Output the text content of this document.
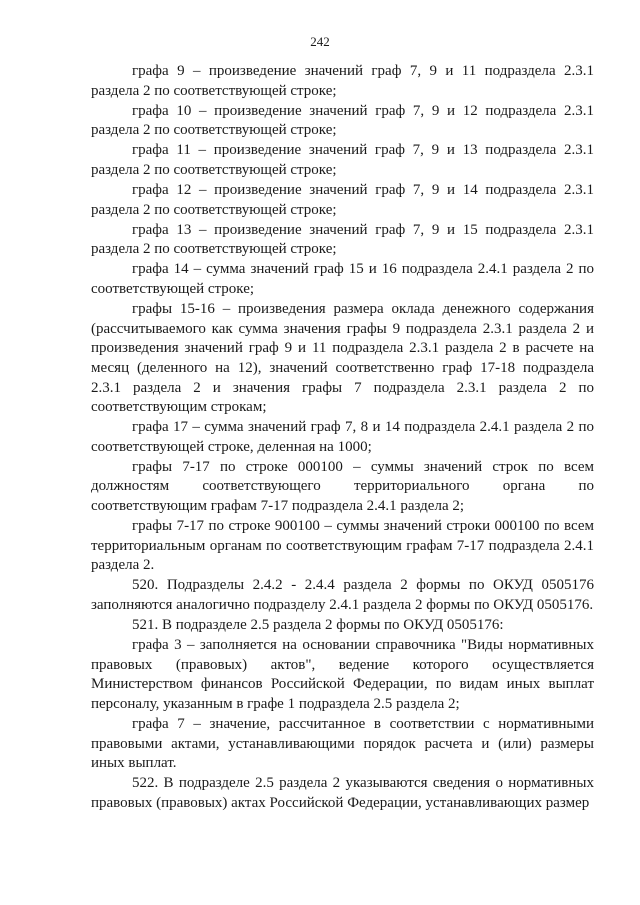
242

графа 9 – произведение значений граф 7, 9 и 11 подраздела 2.3.1 раздела 2 по соответствующей строке;

графа 10 – произведение значений граф 7, 9 и 12 подраздела 2.3.1 раздела 2 по соответствующей строке;

графа 11 – произведение значений граф 7, 9 и 13 подраздела 2.3.1 раздела 2 по соответствующей строке;

графа 12 – произведение значений граф 7, 9 и 14 подраздела 2.3.1 раздела 2 по соответствующей строке;

графа 13 – произведение значений граф 7, 9 и 15 подраздела 2.3.1 раздела 2 по соответствующей строке;

графа 14 – сумма значений граф 15 и 16 подраздела 2.4.1 раздела 2 по соответствующей строке;

графы 15-16 – произведения размера оклада денежного содержания (рассчитываемого как сумма значения графы 9 подраздела 2.3.1 раздела 2 и произведения значений граф 9 и 11 подраздела 2.3.1 раздела 2 в расчете на месяц (деленного на 12), значений соответственно граф 17-18 подраздела 2.3.1 раздела 2 и значения графы 7 подраздела 2.3.1 раздела 2 по соответствующим строкам;

графа 17 – сумма значений граф 7, 8 и 14 подраздела 2.4.1 раздела 2 по соответствующей строке, деленная на 1000;

графы 7-17 по строке 000100 – суммы значений строк по всем должностям соответствующего территориального органа по соответствующим графам 7-17 подраздела 2.4.1 раздела 2;

графы 7-17 по строке 900100 – суммы значений строки 000100 по всем территориальным органам по соответствующим графам 7-17 подраздела 2.4.1 раздела 2.

520. Подразделы 2.4.2 - 2.4.4 раздела 2 формы по ОКУД 0505176 заполняются аналогично подразделу 2.4.1 раздела 2 формы по ОКУД 0505176.

521. В подразделе 2.5 раздела 2 формы по ОКУД 0505176:

графа 3 – заполняется на основании справочника "Виды нормативных правовых (правовых) актов", ведение которого осуществляется Министерством финансов Российской Федерации, по видам иных выплат персоналу, указанным в графе 1 подраздела 2.5 раздела 2;

графа 7 – значение, рассчитанное в соответствии с нормативными правовыми актами, устанавливающими порядок расчета и (или) размеры иных выплат.

522. В подразделе 2.5 раздела 2 указываются сведения о нормативных правовых (правовых) актах Российской Федерации, устанавливающих размер
